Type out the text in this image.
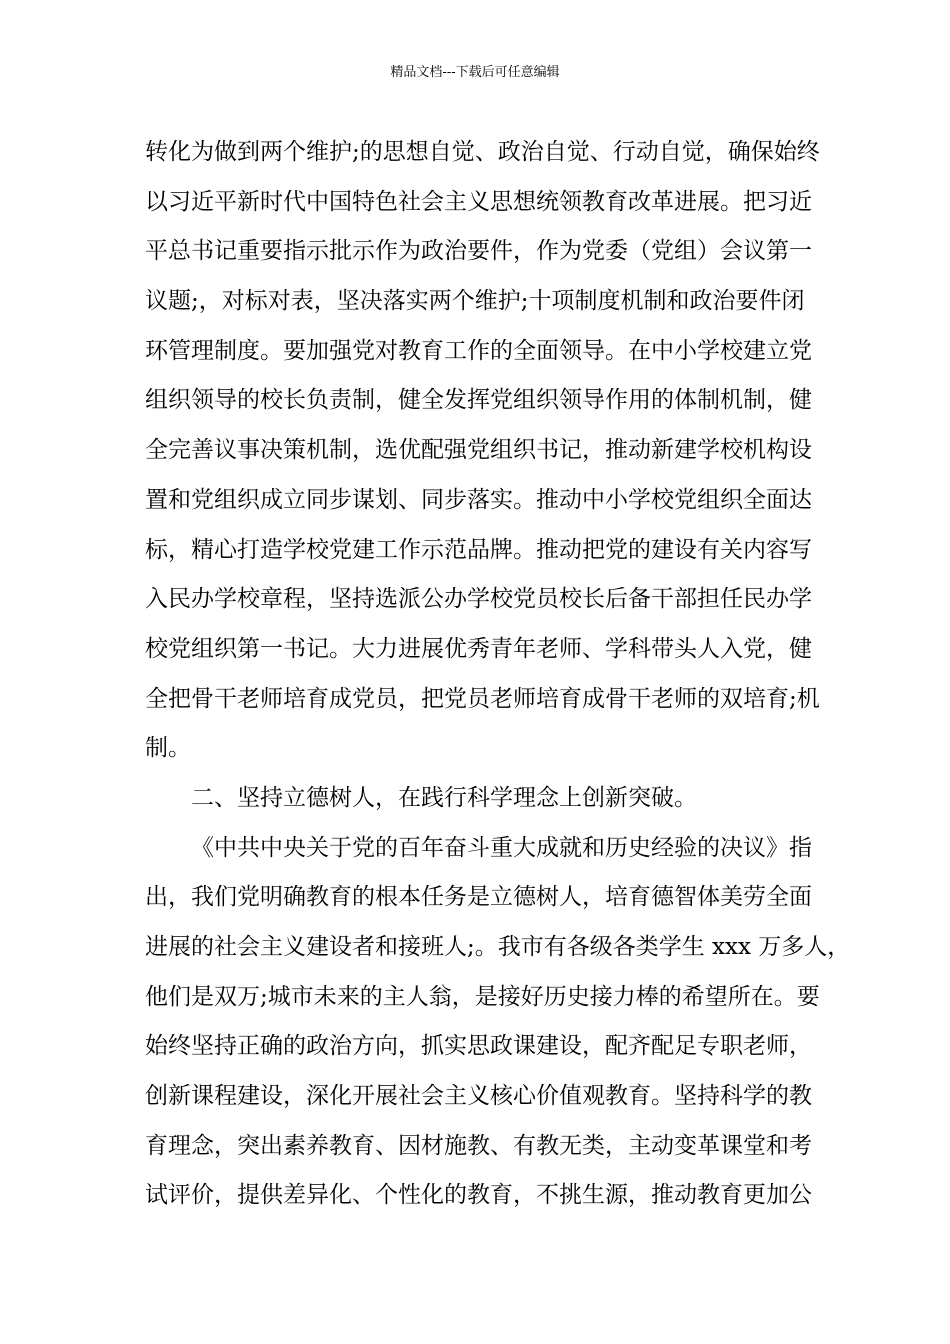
精品文档---下载后可任意编辑
转化为做到两个维护;的思想自觉、政治自觉、行动自觉，确保始终
以习近平新时代中国特色社会主义思想统领教育改革进展。把习近
平总书记重要指示批示作为政治要件，作为党委（党组）会议第一
议题;，对标对表，坚决落实两个维护;十项制度机制和政治要件闭
环管理制度。要加强党对教育工作的全面领导。在中小学校建立党
组织领导的校长负责制，健全发挥党组织领导作用的体制机制，健
全完善议事决策机制，选优配强党组织书记，推动新建学校机构设
置和党组织成立同步谋划、同步落实。推动中小学校党组织全面达
标，精心打造学校党建工作示范品牌。推动把党的建设有关内容写
入民办学校章程，坚持选派公办学校党员校长后备干部担任民办学
校党组织第一书记。大力进展优秀青年老师、学科带头人入党，健
全把骨干老师培育成党员，把党员老师培育成骨干老师的双培育;机
制。
二、坚持立德树人，在践行科学理念上创新突破。
《中共中央关于党的百年奋斗重大成就和历史经验的决议》指
出，我们党明确教育的根本任务是立德树人，培育德智体美劳全面
进展的社会主义建设者和接班人;。我市有各级各类学生 xxx 万多人，
他们是双万;城市未来的主人翁，是接好历史接力棒的希望所在。要
始终坚持正确的政治方向，抓实思政课建设，配齐配足专职老师，
创新课程建设，深化开展社会主义核心价值观教育。坚持科学的教
育理念，突出素养教育、因材施教、有教无类，主动变革课堂和考
试评价，提供差异化、个性化的教育，不挑生源，推动教育更加公
